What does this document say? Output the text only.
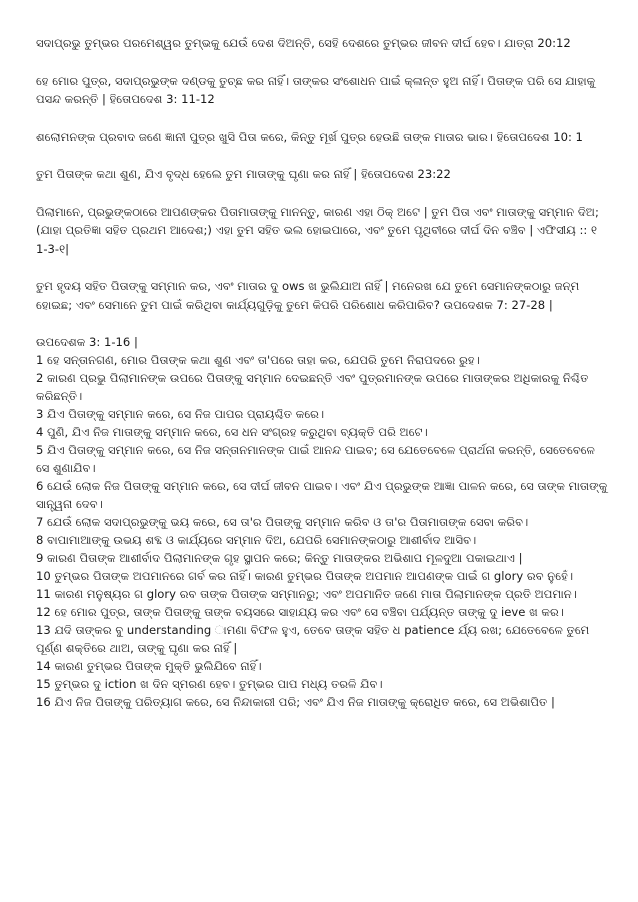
ସଦାପ୍ରଭୁ ତୁମ୍ଭର ପରମେଶ୍ୱର ତୁମ୍ଭକୁ ଯେଉଁ ଦେଶ ଦିଅନ୍ତି, ସେହି ଦେଶରେ ତୁମ୍ଭର ଜୀବନ ଦୀର୍ଘ ହେବ। ଯାତ୍ରା 20:12

ହେ ମୋର ପୁତ୍ର, ସଦାପ୍ରଭୁଙ୍କ ଦଣ୍ଡକୁ ତୁଚ୍ଛ କର ନାହିଁ। ତାଙ୍କର ସଂଶୋଧନ ପାଇଁ କ୍ଳାନ୍ତ ହୁଅ ନାହିଁ। ପିତାଙ୍କ ପରି ସେ ଯାହାକୁ ପସନ୍ଦ କରନ୍ତି | ହିତୋପଦେଶ 3: 11-12

ଶଲୋମନଙ୍କ ପ୍ରବାଦ ଜଣେ ଜ୍ଞାନୀ ପୁତ୍ର ଖୁସି ପିତା କରେ, କିନ୍ତୁ ମୂର୍ଖ ପୁତ୍ର ହେଉଛି ତାଙ୍କ ମାତାର ଭାର। ହିତୋପଦେଶ 10: 1

ତୁମ ପିତାଙ୍କ କଥା ଶୁଣ, ଯିଏ ବୃଦ୍ଧ ହେଲେ ତୁମ ମାତାଙ୍କୁ ଘୃଣା କର ନାହିଁ | ହିତୋପଦେଶ 23:22

ପିଲାମାନେ, ପ୍ରଭୁଙ୍କଠାରେ ଆପଣଙ୍କର ପିତାମାତାଙ୍କୁ ମାନନ୍ତୁ, କାରଣ ଏହା ଠିକ୍ ଅଟେ | ତୁମ ପିତା ଏବଂ ମାତାଙ୍କୁ ସମ୍ମାନ ଦିଅ; (ଯାହା ପ୍ରତିଜ୍ଞା ସହିତ ପ୍ରଥମ ଆଦେଶ;) ଏହା ତୁମ ସହିତ ଭଲ ହୋଇପାରେ, ଏବଂ ତୁମେ ପୃଥିବୀରେ ଦୀର୍ଘ ଦିନ ବଞ୍ଚିବ | ଏଫିସୀୟ :: ୧ 1-3-୧|

ତୁମ ହୃଦୟ ସହିତ ପିତାଙ୍କୁ ସମ୍ମାନ କର, ଏବଂ ମାତାର ଦୁ ows ଖ ଭୁଲିଯାଅ ନାହିଁ | ମନେରଖ ଯେ ତୁମେ ସେମାନଙ୍କଠାରୁ ଜନ୍ମ ହୋଇଛ; ଏବଂ ସେମାନେ ତୁମ ପାଇଁ କରିଥିବା କାର୍ଯ୍ୟଗୁଡ଼ିକୁ ତୁମେ କିପରି ପରିଶୋଧ କରିପାରିବ? ଉପଦେଶକ 7: 27-28 |

ଉପଦେଶକ 3: 1-16 |

1 ହେ ସନ୍ତାନଗଣ, ମୋର ପିତାଙ୍କ କଥା ଶୁଣ ଏବଂ ତା'ପରେ ତାହା କର, ଯେପରି ତୁମେ ନିରାପଦରେ ରୁହ।

2 କାରଣ ପ୍ରଭୁ ପିଲାମାନଙ୍କ ଉପରେ ପିତାଙ୍କୁ ସମ୍ମାନ ଦେଇଛନ୍ତି ଏବଂ ପୁତ୍ରମାନଙ୍କ ଉପରେ ମାତାଙ୍କର ଅଧିକାରକୁ ନିଶ୍ଚିତ କରିଛନ୍ତି।

3 ଯିଏ ପିତାଙ୍କୁ ସମ୍ମାନ କରେ, ସେ ନିଜ ପାପର ପ୍ରାୟଶ୍ଚିତ କରେ।

4 ପୁଣି, ଯିଏ ନିଜ ମାତାଙ୍କୁ ସମ୍ମାନ କରେ, ସେ ଧନ ସଂଗ୍ରହ କରୁଥିବା ବ୍ୟକ୍ତି ପରି ଅଟେ।

5 ଯିଏ ପିତାଙ୍କୁ ସମ୍ମାନ କରେ, ସେ ନିଜ ସନ୍ତାନମାନଙ୍କ ପାଇଁ ଆନନ୍ଦ ପାଇବ; ସେ ଯେତେବେଳେ ପ୍ରାର୍ଥନା କରନ୍ତି, ସେତେବେଳେ ସେ ଶୁଣାଯିବ।

6 ଯେଉଁ ଲୋକ ନିଜ ପିତାଙ୍କୁ ସମ୍ମାନ କରେ, ସେ ଦୀର୍ଘ ଜୀବନ ପାଇବ। ଏବଂ ଯିଏ ପ୍ରଭୁଙ୍କ ଆଜ୍ଞା ପାଳନ କରେ, ସେ ତାଙ୍କ ମାତାଙ୍କୁ ସାନ୍ତ୍ୱନା ଦେବ।

7 ଯେଉଁ ଲୋକ ସଦାପ୍ରଭୁଙ୍କୁ ଭୟ କରେ, ସେ ତା'ର ପିତାଙ୍କୁ ସମ୍ମାନ କରିବ ଓ ତା'ର ପିତାମାତାଙ୍କ ସେବା କରିବ।

8 ବାପାମାଆଙ୍କୁ ଉଭୟ ଶବ୍ଦ ଓ କାର୍ଯ୍ୟରେ ସମ୍ମାନ ଦିଅ, ଯେପରି ସେମାନଙ୍କଠାରୁ ଆଶୀର୍ବାଦ ଆସିବ।

9 କାରଣ ପିତାଙ୍କ ଆଶୀର୍ବାଦ ପିଲାମାନଙ୍କ ଗୃହ ସ୍ଥାପନ କରେ; କିନ୍ତୁ ମାତାଙ୍କର ଅଭିଶାପ ମୂଳଦୁଆ ପକାଇଥାଏ |

10 ତୁମ୍ଭର ପିତାଙ୍କ ଅପମାନରେ ଗର୍ବ କର ନାହିଁ। କାରଣ ତୁମ୍ଭର ପିତାଙ୍କ ଅପମାନ ଆପଣଙ୍କ ପାଇଁ ଗ glory ରବ ନୁହେଁ।

11 କାରଣ ମନୁଷ୍ୟର ଗ glory ରବ ତାଙ୍କ ପିତାଙ୍କ ସମ୍ମାନରୁ; ଏବଂ ଅପମାନିତ ଜଣେ ମାତା ପିଲାମାନଙ୍କ ପ୍ରତି ଅପମାନ।

12 ହେ ମୋର ପୁତ୍ର, ତାଙ୍କ ପିତାଙ୍କୁ ତାଙ୍କ ବୟସରେ ସାହାଯ୍ୟ କର ଏବଂ ସେ ବଞ୍ଚିବା ପର୍ଯ୍ୟନ୍ତ ତାଙ୍କୁ ଦୁ ieve ଖ କର।

13 ଯଦି ତାଙ୍କର ବୁ understanding ାମଣା ବିଫଳ ହୁଏ, ତେବେ ତାଙ୍କ ସହିତ ଧ patience ର୍ଯ୍ୟ ରଖ; ଯେତେବେଳେ ତୁମେ ପୂର୍ଣ୍ଣ ଶକ୍ତିରେ ଥାଅ, ତାଙ୍କୁ ଘୃଣା କର ନାହିଁ |

14 କାରଣ ତୁମ୍ଭର ପିତାଙ୍କ ମୁକ୍ତି ଭୁଲିଯିବେ ନାହିଁ।

15 ତୁମ୍ଭର ଦୁ iction ଖ ଦିନ ସ୍ମରଣ ହେବ। ତୁମ୍ଭର ପାପ ମଧ୍ୟ ତରଳି ଯିବ।

16 ଯିଏ ନିଜ ପିତାଙ୍କୁ ପରିତ୍ୟାଗ କରେ, ସେ ନିନ୍ଦାକାରୀ ପରି; ଏବଂ ଯିଏ ନିଜ ମାତାଙ୍କୁ କ୍ରୋଧିତ କରେ, ସେ ଅଭିଶାପିତ |
